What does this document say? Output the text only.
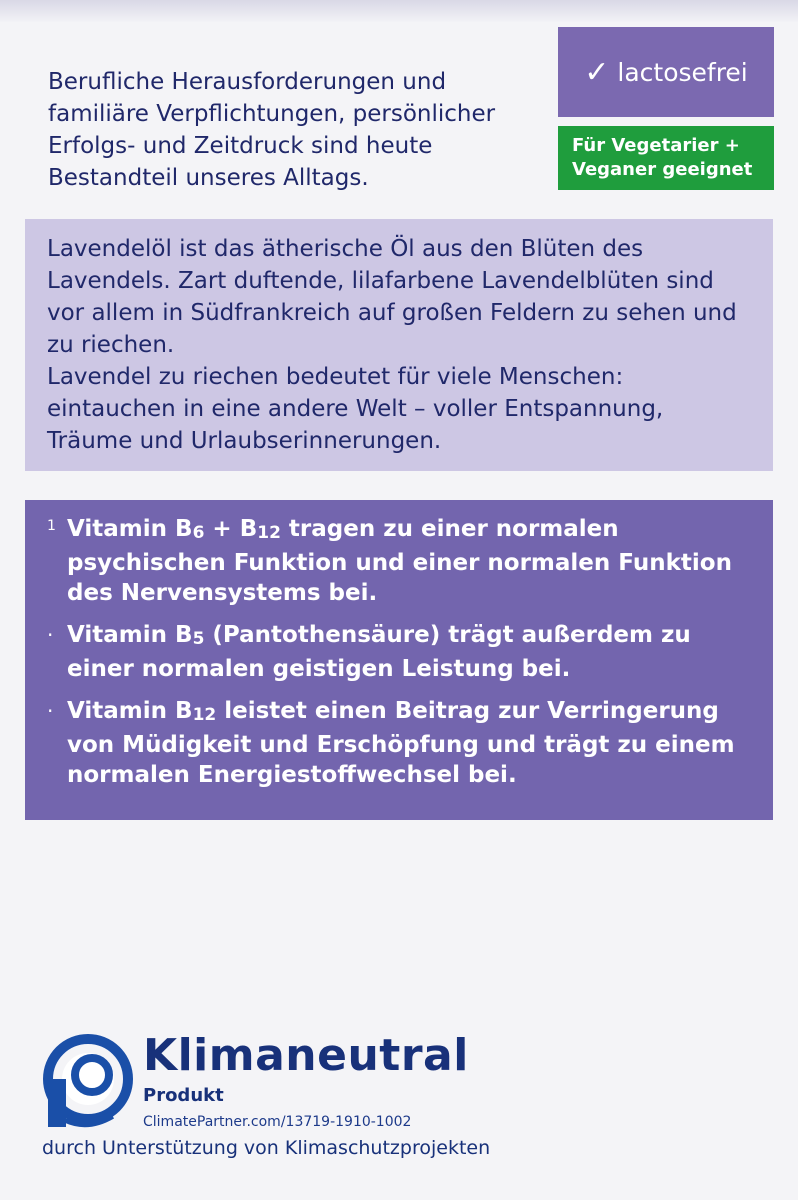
Berufliche Herausforderungen und familiäre Verpflichtungen, persönlicher Erfolgs- und Zeitdruck sind heute Bestandteil unseres Alltags.
✓ lactosefrei
Für Vegetarier +
Veganer geeignet

Lavendelöl ist das ätherische Öl aus den Blüten des Lavendels. Zart duftende, lilafarbene Lavendelblüten sind vor allem in Südfrankreich auf großen Feldern zu sehen und zu riechen.

Lavendel zu riechen bedeutet für viele Menschen: eintauchen in eine andere Welt – voller Entspannung, Träume und Urlaubserinnerungen.

1 Vitamin B6 + B12 tragen zu einer normalen psychischen Funktion und einer normalen Funktion des Nervensystems bei.
· Vitamin B5 (Pantothensäure) trägt außerdem zu einer normalen geistigen Leistung bei.
· Vitamin B12 leistet einen Beitrag zur Verringerung von Müdigkeit und Erschöpfung und trägt zu einem normalen Energiestoffwechsel bei.
Klimaneutral
Produkt
ClimatePartner.com/13719-1910-1002
durch Unterstützung von Klimaschutzprojekten
